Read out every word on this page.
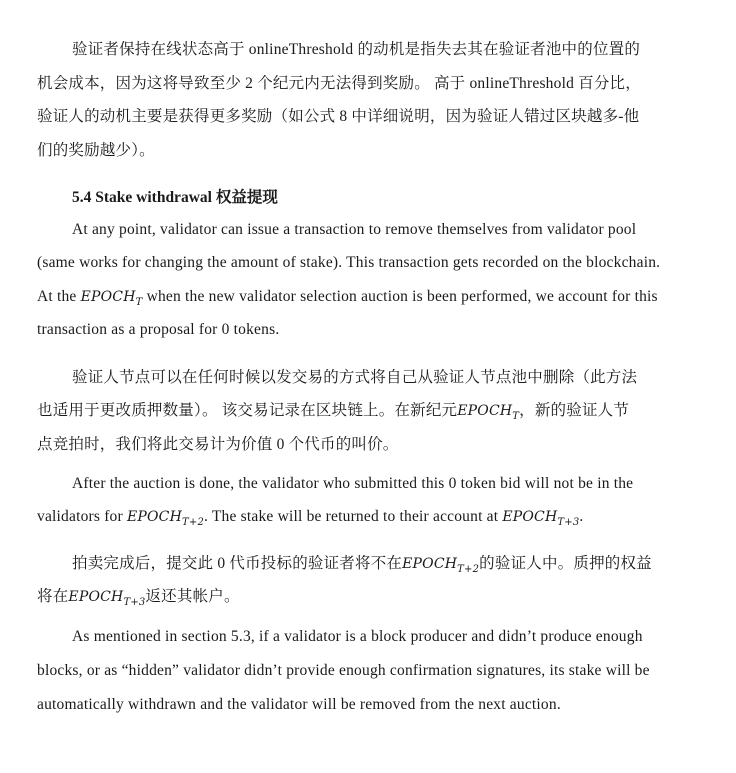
验证者保持在线状态高于 onlineThreshold 的动机是指失去其在验证者池中的位置的
机会成本，因为这将导致至少 2 个纪元内无法得到奖励。 高于 onlineThreshold 百分比，
验证人的动机主要是获得更多奖励（如公式 8 中详细说明，因为验证人错过区块越多-他
们的奖励越少）。
5.4 Stake withdrawal 权益提现
At any point, validator can issue a transaction to remove themselves from validator pool
(same works for changing the amount of stake). This transaction gets recorded on the blockchain.
At the $EPOCH_T$ when the new validator selection auction is been performed, we account for this
transaction as a proposal for 0 tokens.
验证人节点可以在任何时候以发交易的方式将自己从验证人节点池中删除（此方法
也适用于更改质押数量）。 该交易记录在区块链上。在新纪元$EPOCH_T$，新的验证人节
点竞拍时，我们将此交易计为价值 0 个代币的叫价。
After the auction is done, the validator who submitted this 0 token bid will not be in the
validators for $EPOCH_{T+2}$. The stake will be returned to their account at $EPOCH_{T+3}$.
拍卖完成后，提交此 0 代币投标的验证者将不在$EPOCH_{T+2}$的验证人中。质押的权益
将在$EPOCH_{T+3}$返还其帐户。
As mentioned in section 5.3, if a validator is a block producer and didn’t produce enough
blocks, or as “hidden” validator didn’t provide enough confirmation signatures, its stake will be
automatically withdrawn and the validator will be removed from the next auction.
